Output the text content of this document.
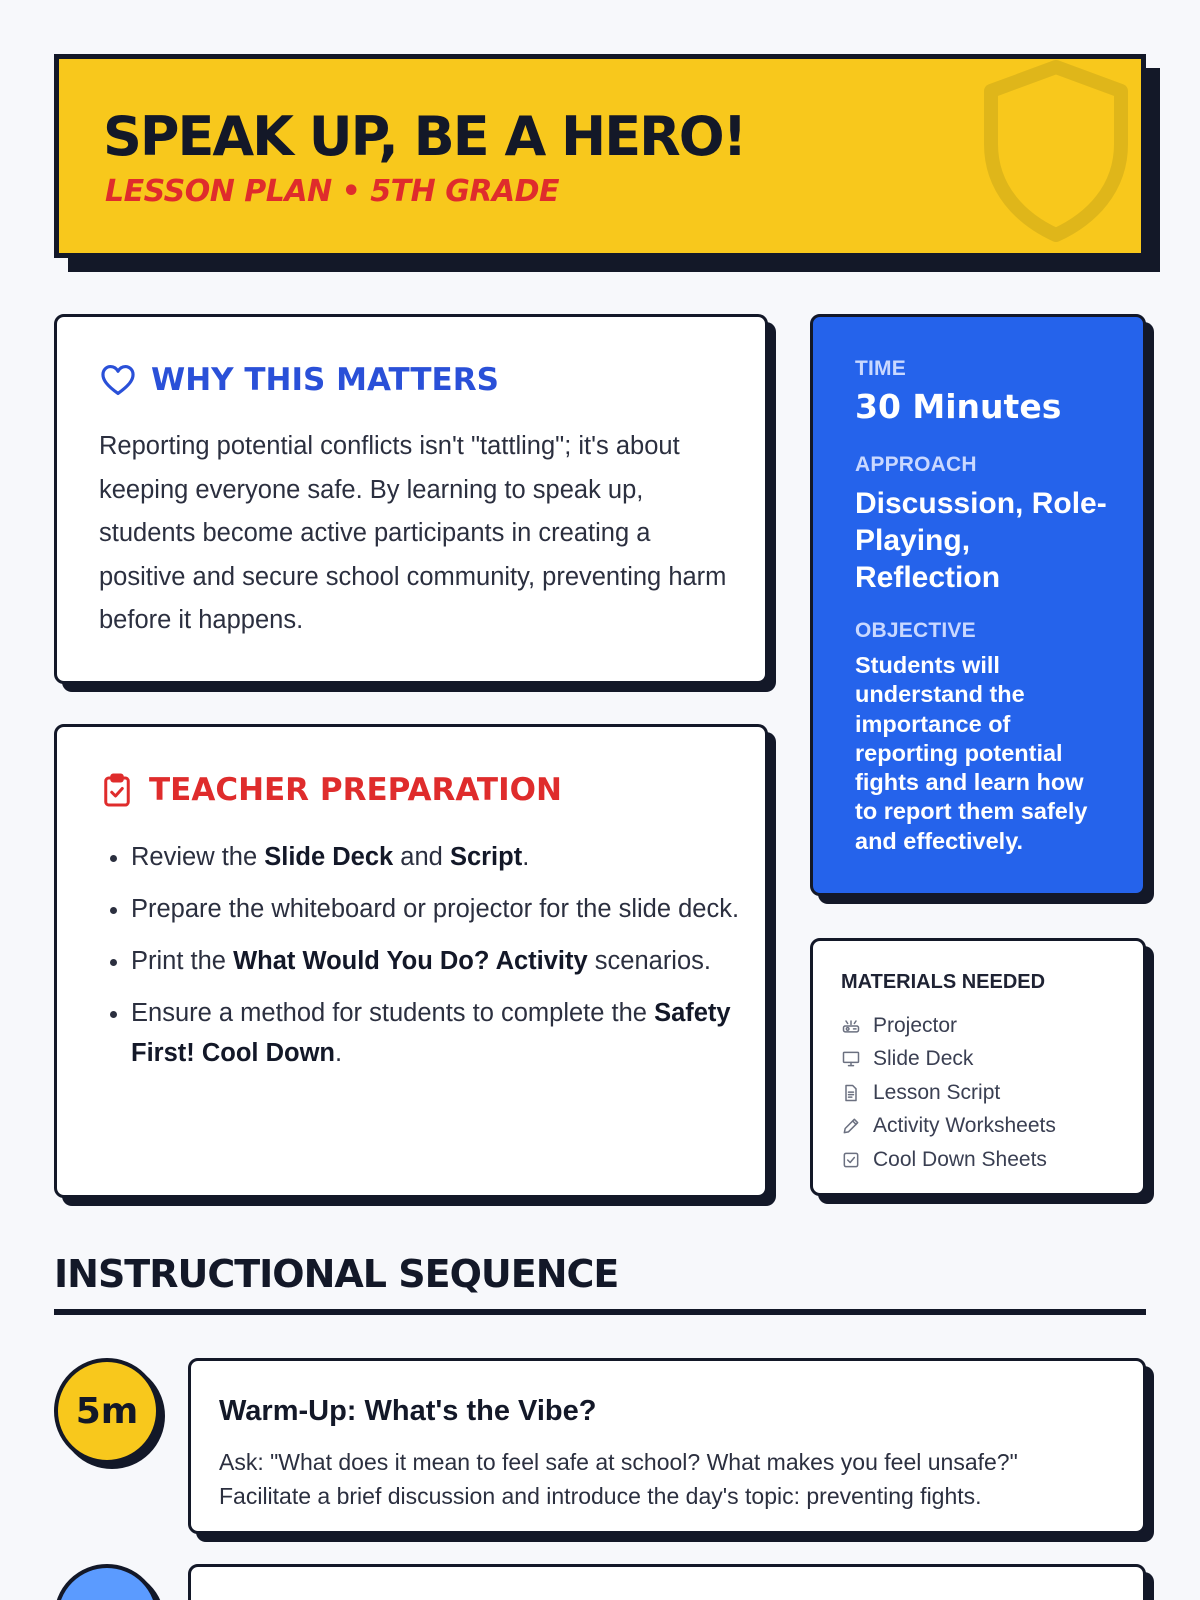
SPEAK UP, BE A HERO!
LESSON PLAN • 5TH GRADE
WHY THIS MATTERS

Reporting potential conflicts isn't "tattling"; it's about keeping everyone safe. By learning to speak up, students become active participants in creating a positive and secure school community, preventing harm before it happens.

TEACHER PREPARATION
• Review the Slide Deck and Script.
• Prepare the whiteboard or projector for the slide deck.
• Print the What Would You Do? Activity scenarios.
• Ensure a method for students to complete the Safety First! Cool Down.
TIME
30 Minutes
APPROACH
Discussion, Role-Playing, Reflection
OBJECTIVE
Students will understand the importance of reporting potential fights and learn how to report them safely and effectively.
MATERIALS NEEDED
Projector
Slide Deck
Lesson Script
Activity Worksheets
Cool Down Sheets
INSTRUCTIONAL SEQUENCE
5m	Warm-Up: What's the Vibe?
Ask: "What does it mean to feel safe at school? What makes you feel unsafe?" Facilitate a brief discussion and introduce the day's topic: preventing fights.
